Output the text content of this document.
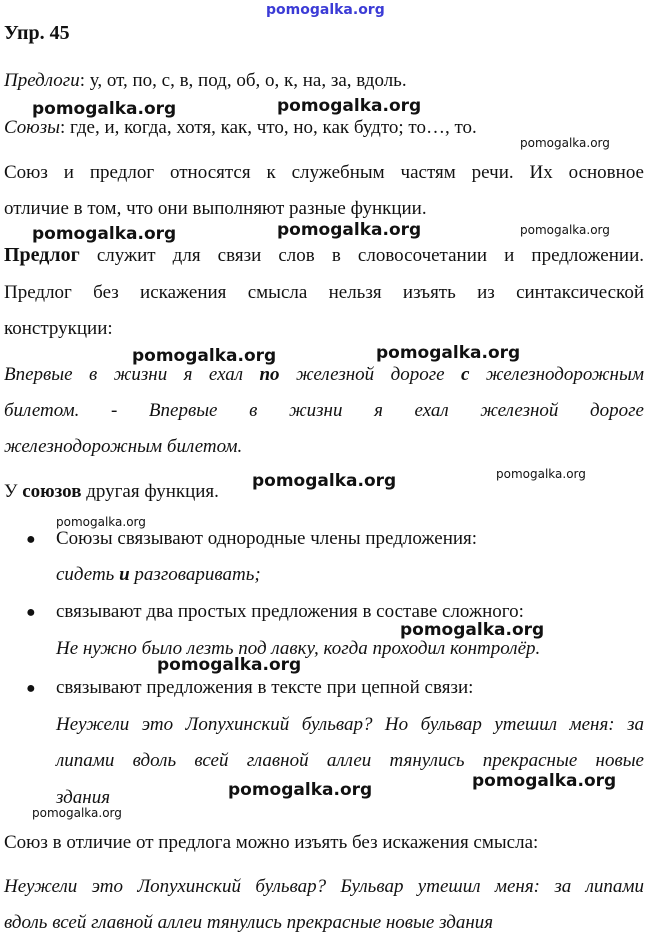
pomogalka.org
Упр. 45
Предлоги: у, от, по, с, в, под, об, о, к, на, за, вдоль.
Союзы: где, и, когда, хотя, как, что, но, как будто; то…, то.
Союз и предлог относятся к служебным частям речи. Их основное
отличие в том, что они выполняют разные функции.
Предлог служит для связи слов в словосочетании и предложении.
Предлог без искажения смысла нельзя изъять из синтаксической
конструкции:
Впервые в жизни я ехал по железной дороге с железнодорожным
билетом. - Впервые в жизни я ехал железной дороге
железнодорожным билетом.
У союзов другая функция.
● Союзы связывают однородные члены предложения:
сидеть и разговаривать;
● связывают два простых предложения в составе сложного:
Не нужно было лезть под лавку, когда проходил контролёр.
● связывают предложения в тексте при цепной связи:
Неужели это Лопухинский бульвар? Но бульвар утешил меня: за
липами вдоль всей главной аллеи тянулись прекрасные новые
здания
Союз в отличие от предлога можно изъять без искажения смысла:
Неужели это Лопухинский бульвар? Бульвар утешил меня: за липами
вдоль всей главной аллеи тянулись прекрасные новые здания
pomogalka.org	pomogalka.org
pomogalka.org
pomogalka.org	pomogalka.org	pomogalka.org
pomogalka.org	pomogalka.org
pomogalka.org
pomogalka.org
pomogalka.org
pomogalka.org
pomogalka.org
pomogalka.org
pomogalka.org
pomogalka.org
